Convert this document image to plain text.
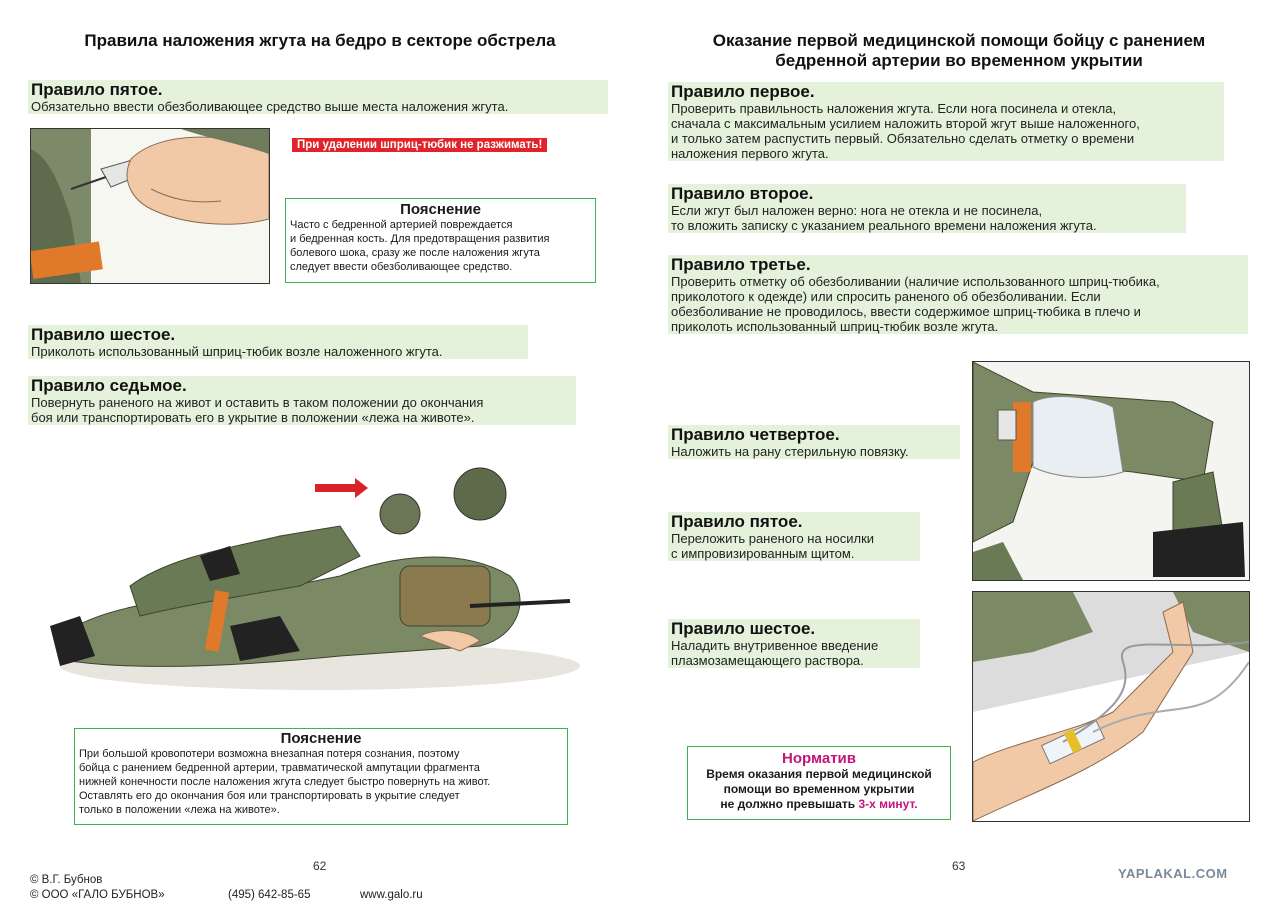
Правила наложения жгута на бедро в секторе обстрела
Правило пятое.
Обязательно ввести обезболивающее средство выше места наложения жгута.
При удалении шприц-тюбик не разжимать!
Пояснение
Часто с бедренной артерией повреждается
и бедренная кость. Для предотвращения развития
болевого шока, сразу же после наложения жгута
следует ввести обезболивающее средство.
Правило шестое.
Приколоть использованный шприц-тюбик возле наложенного жгута.
Правило седьмое.
Повернуть раненого на живот и оставить в таком положении до окончания
боя или транспортировать его в укрытие в положении «лежа на животе».
Пояснение
При большой кровопотери возможна внезапная потеря сознания, поэтому
бойца с ранением бедренной артерии, травматической ампутации фрагмента
нижней конечности после наложения жгута следует быстро повернуть на живот.
Оставлять его до окончания боя или транспортировать в укрытие следует
только в положении «лежа на животе».
62
© В.Г. Бубнов
© ООО «ГАЛО БУБНОВ»	(495) 642-85-65	www.galo.ru
Оказание первой медицинской помощи бойцу с ранением
бедренной артерии во временном укрытии
Правило первое.
Проверить правильность наложения жгута. Если нога посинела и отекла,
сначала с максимальным усилием наложить второй жгут выше наложенного,
и только затем распустить первый. Обязательно сделать отметку о времени
наложения первого жгута.
Правило второе.
Если жгут был наложен верно: нога не отекла и не посинела,
то вложить записку с указанием реального времени наложения жгута.
Правило третье.
Проверить отметку об обезболивании (наличие использованного шприц-тюбика,
приколотого к одежде) или спросить раненого об обезболивании. Если
обезболивание не проводилось, ввести содержимое шприц-тюбика в плечо и
приколоть использованный шприц-тюбик возле жгута.
Правило четвертое.
Наложить на рану стерильную повязку.
Правило пятое.
Переложить раненого на носилки
с импровизированным щитом.
Правило шестое.
Наладить внутривенное введение
плазмозамещающего раствора.
Норматив
Время оказания первой медицинской
помощи во временном укрытии
не должно превышать 3-х минут.
63	YAPLAKAL.COM
